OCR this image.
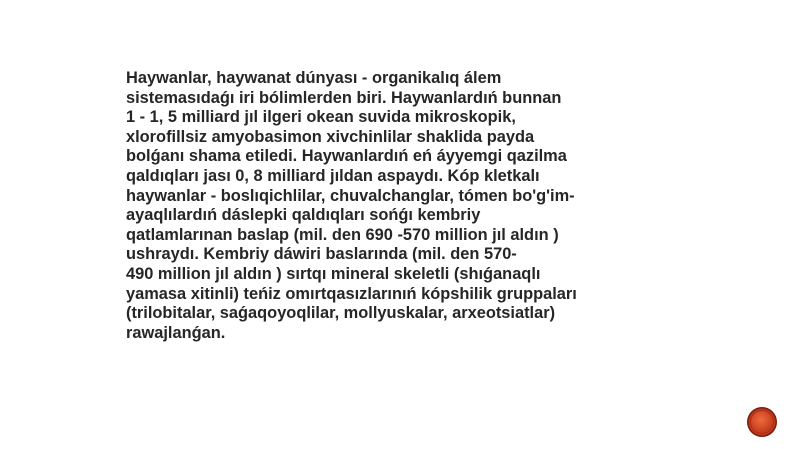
Haywanlar, haywanat dúnyası - organikalıq álem
sistemasıdaǵı iri bólimlerden biri. Haywanlardıń bunnan
1 - 1, 5 milliard jıl ilgeri okean suvida mikroskopik,
xlorofillsiz amyobasimon xivchinlilar shaklida payda
bolǵanı shama etiledi. Haywanlardıń eń áyyemgi qazilma
qaldıqları jası 0, 8 milliard jıldan aspaydı. Kóp kletkalı
haywanlar - boslıqichlilar, chuvalchanglar, tómen bo'g'im-
ayaqlılardıń dáslepki qaldıqları sońǵı kembriy
qatlamlarınan baslap (mil. den 690 -570 million jıl aldın )
ushraydı. Kembriy dáwiri baslarında (mil. den 570-
490 million jıl aldın ) sırtqı mineral skeletli (shıǵanaqlı
yamasa xitinli) teńiz omırtqasızlarınıń kópshilik gruppaları
(trilobitalar, saǵaqoyoqlilar, mollyuskalar, arxeotsiatlar)
rawajlanǵan.
